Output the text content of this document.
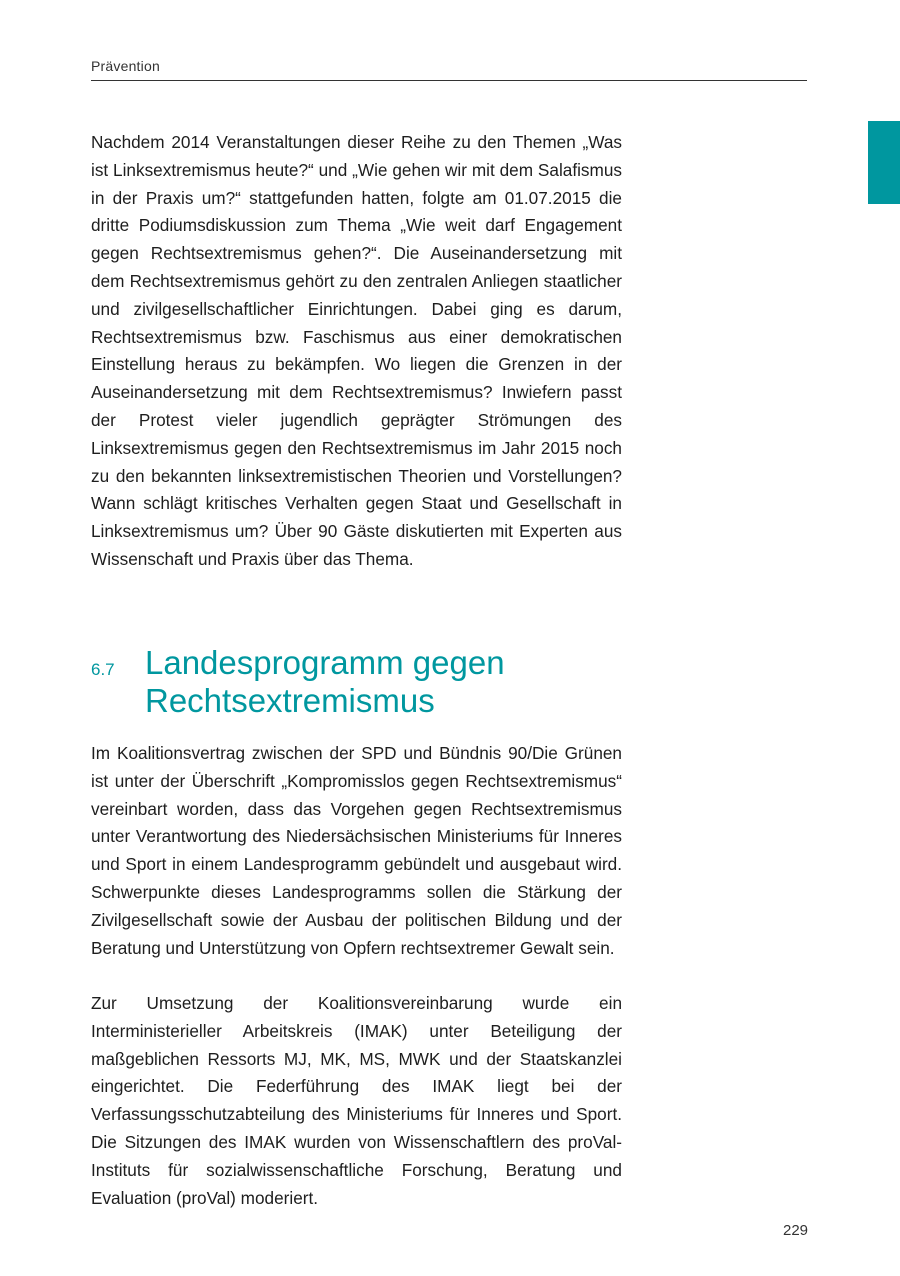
Prävention

Nachdem 2014 Veranstaltungen dieser Reihe zu den Themen „Was ist Linksextremismus heute?“ und „Wie gehen wir mit dem Salafismus in der Praxis um?“ stattgefunden hatten, folgte am 01.07.2015 die dritte Podiumsdiskussion zum Thema „Wie weit darf Engagement gegen Rechtsextremismus gehen?“. Die Auseinandersetzung mit dem Rechtsextremismus gehört zu den zentralen Anliegen staatlicher und zivilgesellschaftlicher Einrichtungen. Dabei ging es darum, Rechtsextremismus bzw. Faschismus aus einer demokratischen Einstellung heraus zu bekämpfen. Wo liegen die Grenzen in der Auseinandersetzung mit dem Rechtsextremismus? Inwiefern passt der Protest vieler jugendlich geprägter Strömungen des Linksextremismus gegen den Rechtsextremismus im Jahr 2015 noch zu den bekannten linksextremistischen Theorien und Vorstellungen? Wann schlägt kritisches Verhalten gegen Staat und Gesellschaft in Linksextremismus um? Über 90 Gäste diskutierten mit Experten aus Wissenschaft und Praxis über das Thema.

6.7 Landesprogramm gegen Rechtsextremismus

Im Koalitionsvertrag zwischen der SPD und Bündnis 90/Die Grünen ist unter der Überschrift „Kompromisslos gegen Rechtsextremismus“ vereinbart worden, dass das Vorgehen gegen Rechtsextremismus unter Verantwortung des Niedersächsischen Ministeriums für Inneres und Sport in einem Landesprogramm gebündelt und ausgebaut wird. Schwerpunkte dieses Landesprogramms sollen die Stärkung der Zivilgesellschaft sowie der Ausbau der politischen Bildung und der Beratung und Unterstützung von Opfern rechtsextremer Gewalt sein.

Zur Umsetzung der Koalitionsvereinbarung wurde ein Interministerieller Arbeitskreis (IMAK) unter Beteiligung der maßgeblichen Ressorts MJ, MK, MS, MWK und der Staatskanzlei eingerichtet. Die Federführung des IMAK liegt bei der Verfassungsschutzabteilung des Ministeriums für Inneres und Sport. Die Sitzungen des IMAK wurden von Wissenschaftlern des proVal-Instituts für sozialwissenschaftliche Forschung, Beratung und Evaluation (proVal) moderiert.

229
